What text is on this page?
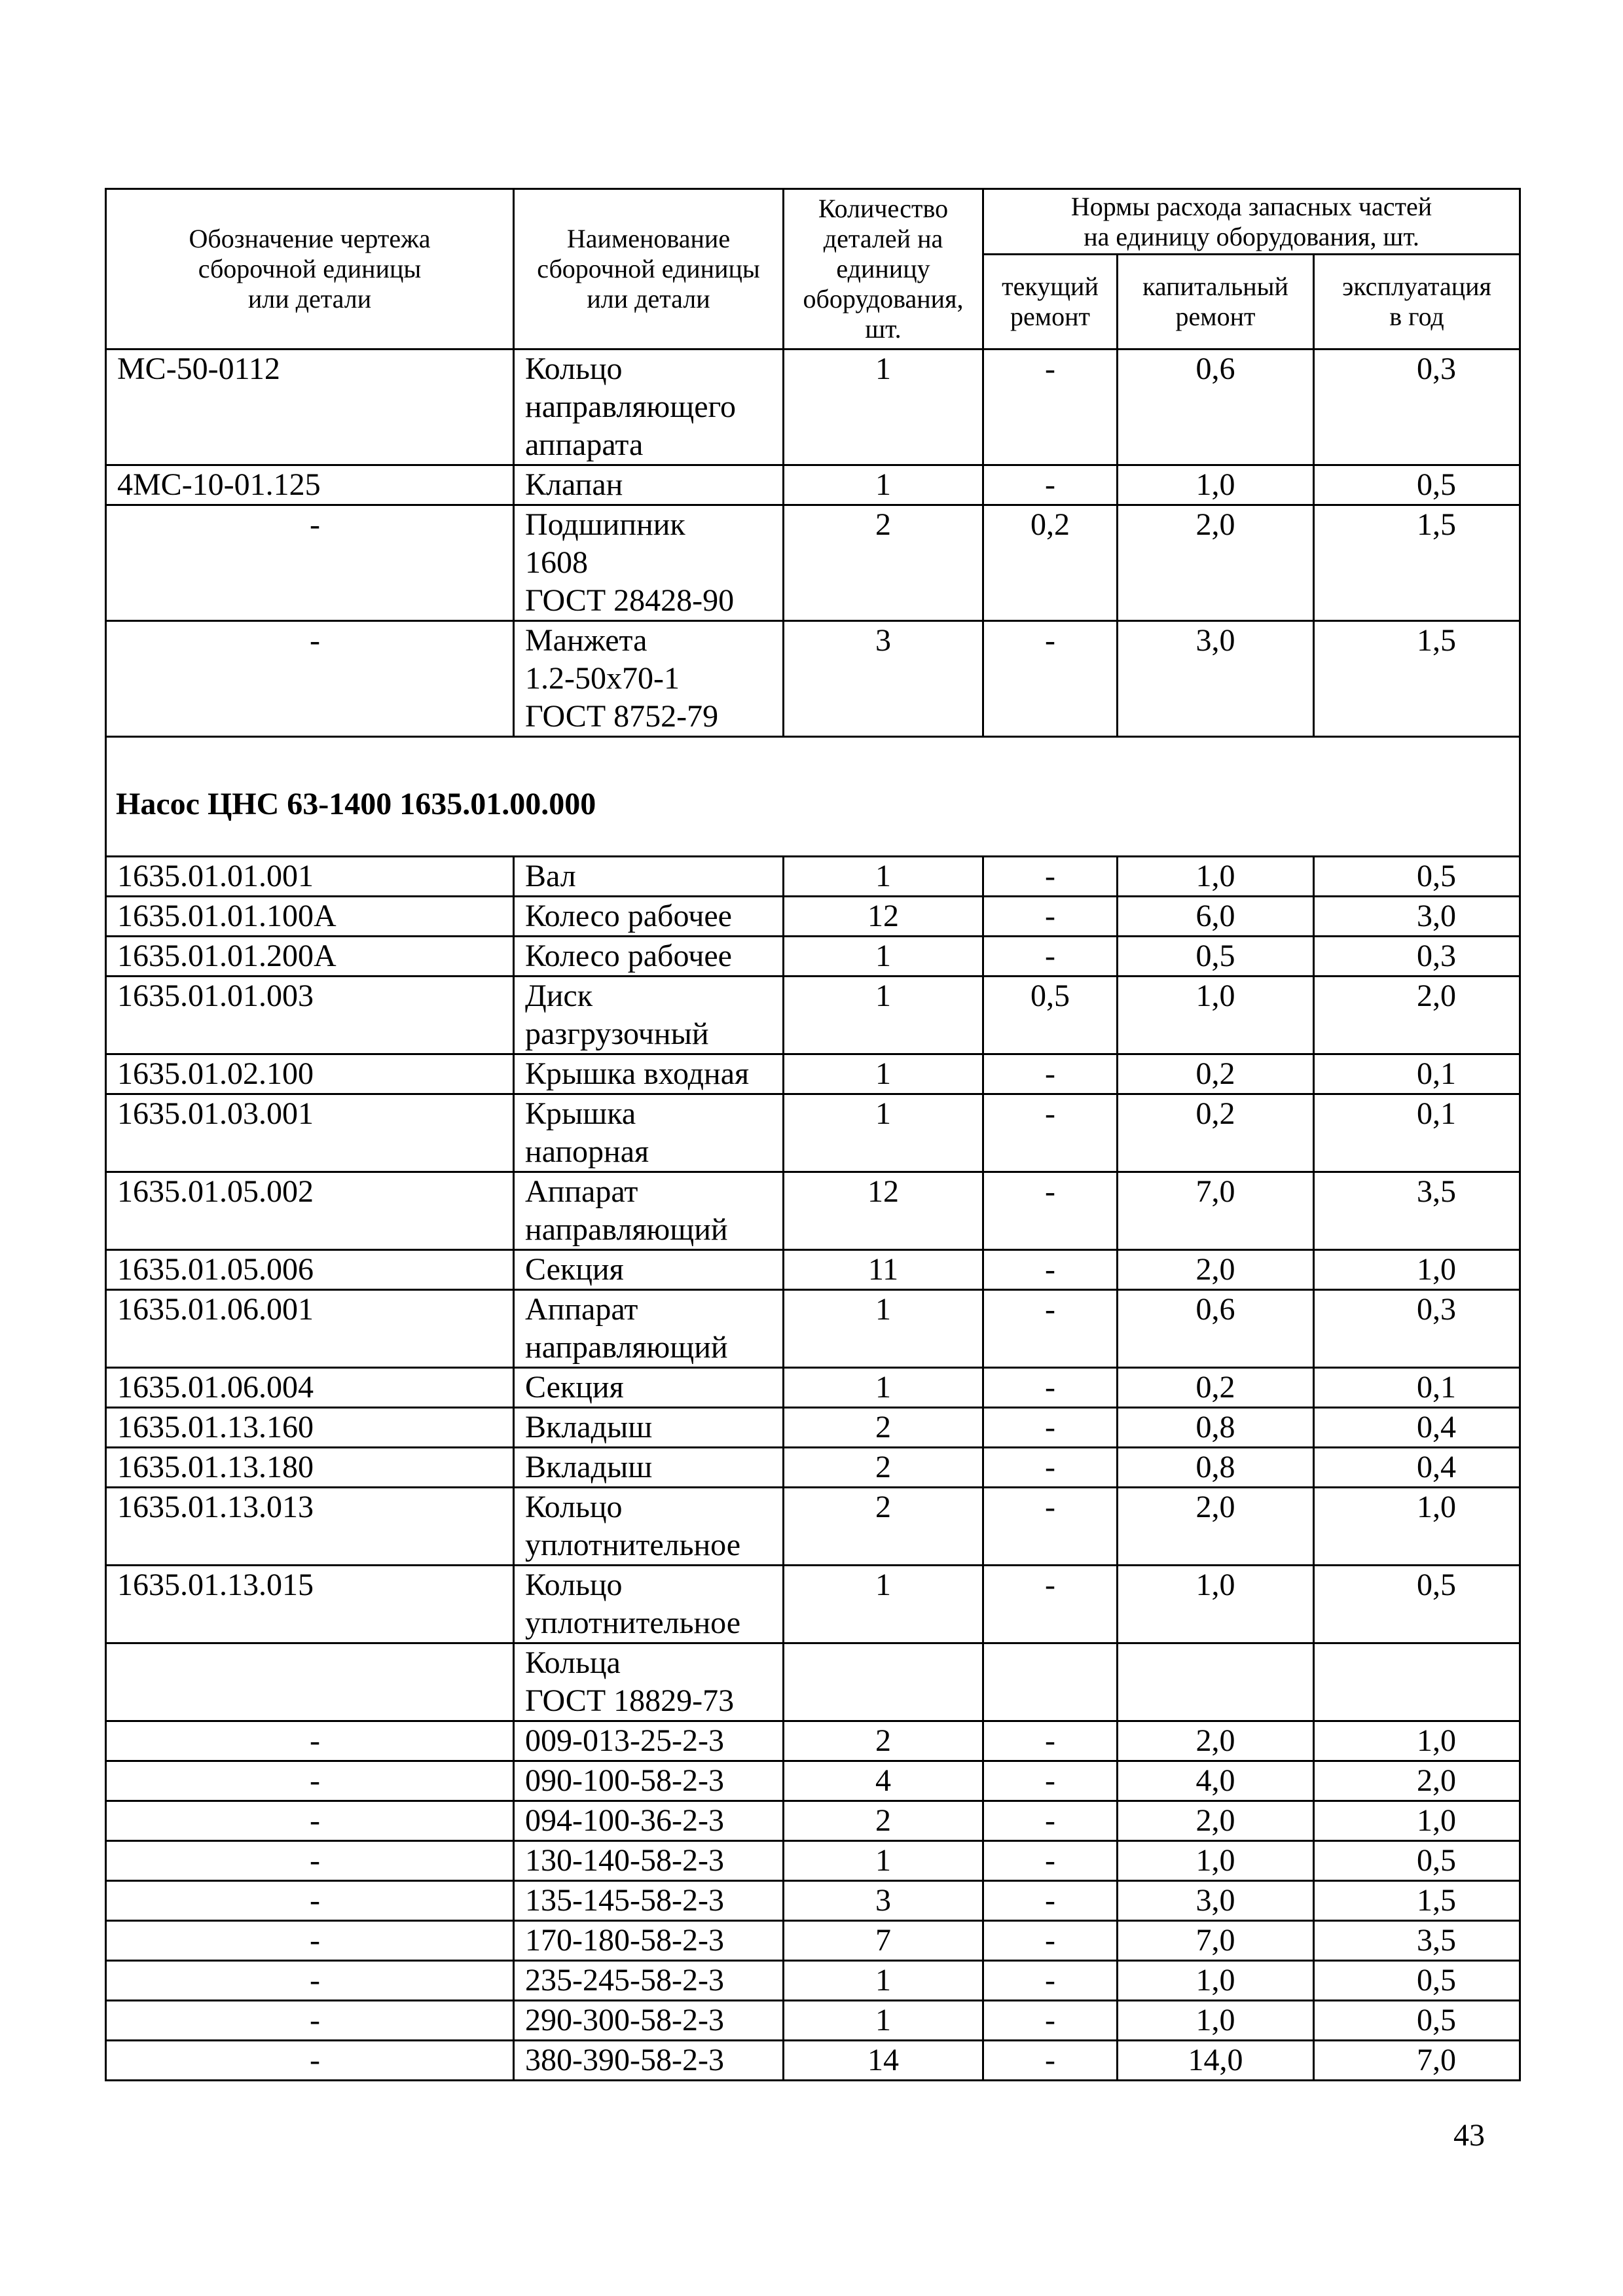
Обозначение чертежа
сборочной единицы
или детали	Наименование
сборочной единицы
или детали	Количество
деталей на
единицу
оборудования,
шт.	Нормы расхода запасных частей
на единицу оборудования, шт.		
			текущий
ремонт	капитальный
ремонт	эксплуатация
в год
МС-50-0112	Кольцо
направляющего
аппарата	1	-	0,6	0,3
4МС-10-01.125	Клапан	1	-	1,0	0,5
-	Подшипник
1608
ГОСТ 28428-90	2	0,2	2,0	1,5
-	Манжета
1.2-50х70-1
ГОСТ 8752-79	3	-	3,0	1,5
Насос ЦНС 63-1400 1635.01.00.000					
1635.01.01.001	Вал	1	-	1,0	0,5
1635.01.01.100А	Колесо рабочее	12	-	6,0	3,0
1635.01.01.200А	Колесо рабочее	1	-	0,5	0,3
1635.01.01.003	Диск
разгрузочный	1	0,5	1,0	2,0
1635.01.02.100	Крышка входная	1	-	0,2	0,1
1635.01.03.001	Крышка
напорная	1	-	0,2	0,1
1635.01.05.002	Аппарат
направляющий	12	-	7,0	3,5
1635.01.05.006	Секция	11	-	2,0	1,0
1635.01.06.001	Аппарат
направляющий	1	-	0,6	0,3
1635.01.06.004	Секция	1	-	0,2	0,1
1635.01.13.160	Вкладыш	2	-	0,8	0,4
1635.01.13.180	Вкладыш	2	-	0,8	0,4
1635.01.13.013	Кольцо
уплотнительное	2	-	2,0	1,0
1635.01.13.015	Кольцо
уплотнительное	1	-	1,0	0,5
	Кольца
ГОСТ 18829-73				
-	009-013-25-2-3	2	-	2,0	1,0
-	090-100-58-2-3	4	-	4,0	2,0
-	094-100-36-2-3	2	-	2,0	1,0
-	130-140-58-2-3	1	-	1,0	0,5
-	135-145-58-2-3	3	-	3,0	1,5
-	170-180-58-2-3	7	-	7,0	3,5
-	235-245-58-2-3	1	-	1,0	0,5
-	290-300-58-2-3	1	-	1,0	0,5
-	380-390-58-2-3	14	-	14,0	7,0
43
